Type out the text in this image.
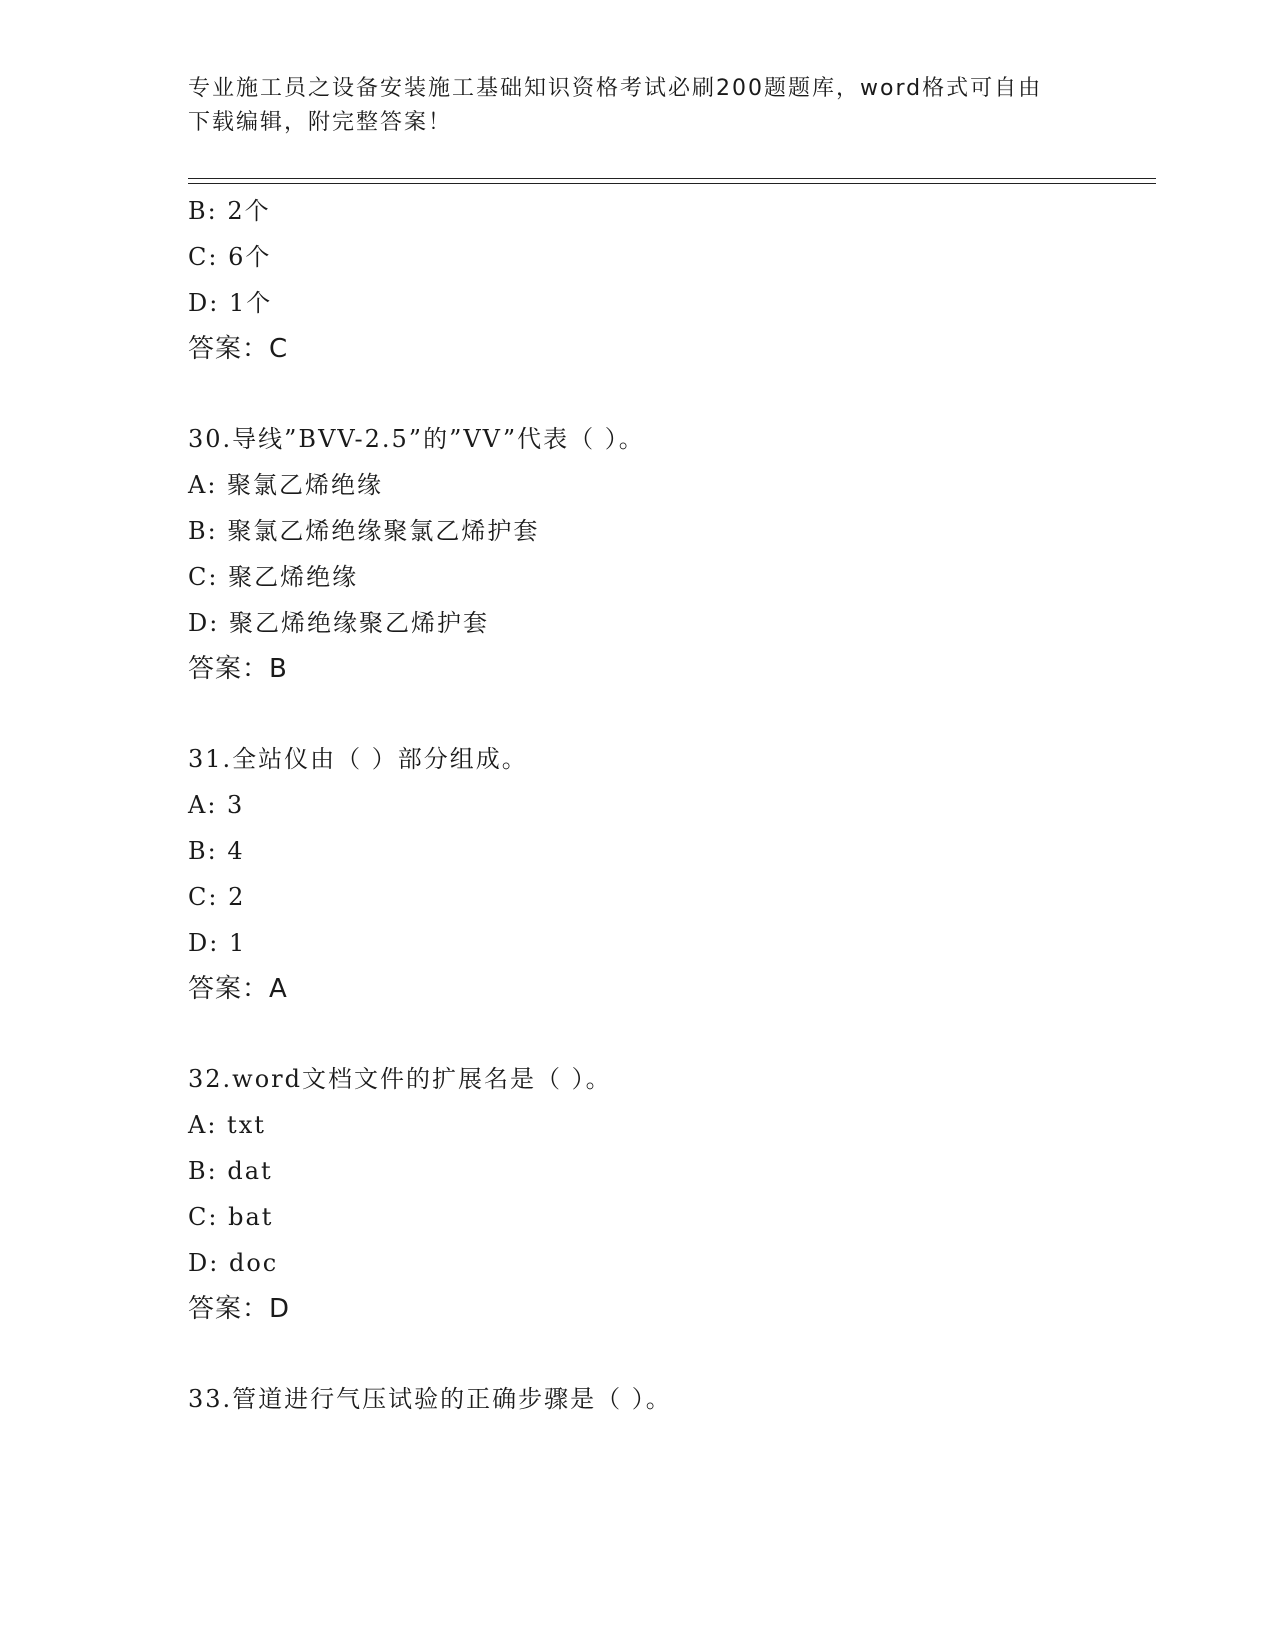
专业施工员之设备安装施工基础知识资格考试必刷200题题库，word格式可自由
下载编辑，附完整答案！
B: 2个
C: 6个
D: 1个
答案：C
30.导线”BVV-2.5”的”VV”代表（ ）。
A: 聚氯乙烯绝缘
B: 聚氯乙烯绝缘聚氯乙烯护套
C: 聚乙烯绝缘
D: 聚乙烯绝缘聚乙烯护套
答案：B
31.全站仪由（ ）部分组成。
A: 3
B: 4
C: 2
D: 1
答案：A
32.word文档文件的扩展名是（ ）。
A: txt
B: dat
C: bat
D: doc
答案：D
33.管道进行气压试验的正确步骤是（ ）。
